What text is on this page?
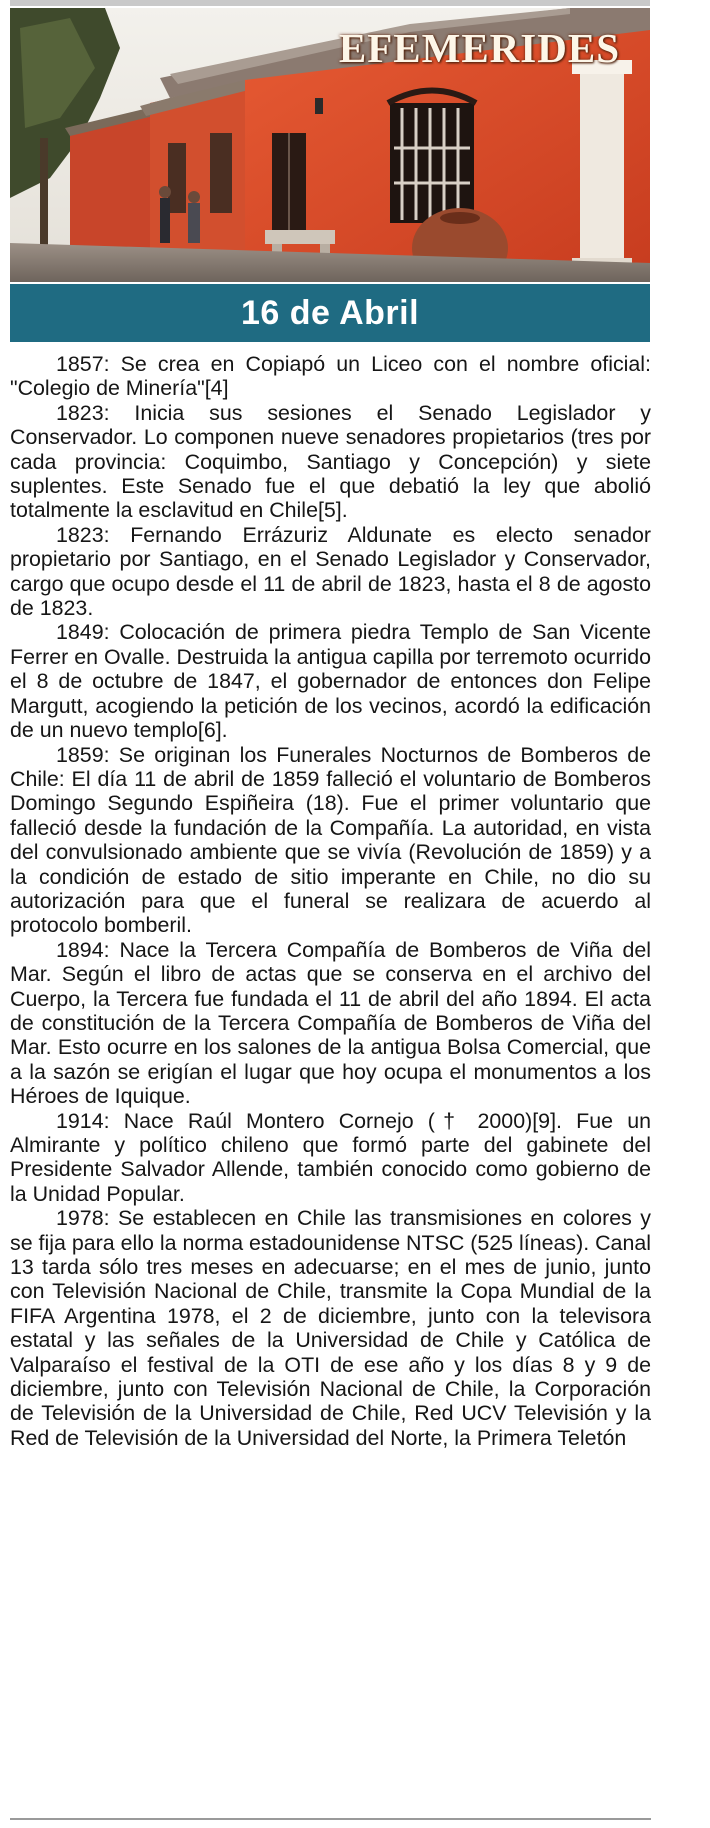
EFEMERIDES
16 de Abril

1857: Se crea en Copiapó un Liceo con el nombre oficial: "Colegio de Minería"[4]

1823: Inicia sus sesiones el Senado Legislador y Conservador. Lo componen nueve senadores propietarios (tres por cada provincia: Coquimbo, Santiago y Concepción) y siete suplentes. Este Senado fue el que debatió la ley que abolió totalmente la esclavitud en Chile[5].

1823: Fernando Errázuriz Aldunate es electo senador propietario por Santiago, en el Senado Legislador y Conservador, cargo que ocupo desde el 11 de abril de 1823, hasta el 8 de agosto de 1823.

1849: Colocación de primera piedra Templo de San Vicente Ferrer en Ovalle. Destruida la antigua capilla por terremoto ocurrido el 8 de octubre de 1847, el gobernador de entonces don Felipe Margutt, acogiendo la petición de los vecinos, acordó la edificación de un nuevo templo[6].

1859: Se originan los Funerales Nocturnos de Bomberos de Chile: El día 11 de abril de 1859 falleció el voluntario de Bomberos Domingo Segundo Espiñeira (18). Fue el primer voluntario que falleció desde la fundación de la Compañía. La autoridad, en vista del convulsionado ambiente que se vivía (Revolución de 1859) y a la condición de estado de sitio imperante en Chile, no dio su autorización para que el funeral se realizara de acuerdo al protocolo bomberil.

1894: Nace la Tercera Compañía de Bomberos de Viña del Mar. Según el libro de actas que se conserva en el archivo del Cuerpo, la Tercera fue fundada el 11 de abril del año 1894. El acta de constitución de la Tercera Compañía de Bomberos de Viña del Mar. Esto ocurre en los salones de la antigua Bolsa Comercial, que a la sazón se erigían el lugar que hoy ocupa el monumentos a los Héroes de Iquique.

1914: Nace Raúl Montero Cornejo († 2000)[9]. Fue un Almirante y político chileno que formó parte del gabinete del Presidente Salvador Allende, también conocido como gobierno de la Unidad Popular.

1978: Se establecen en Chile las transmisiones en colores y se fija para ello la norma estadounidense NTSC (525 líneas). Canal 13 tarda sólo tres meses en adecuarse; en el mes de junio, junto con Televisión Nacional de Chile, transmite la Copa Mundial de la FIFA Argentina 1978, el 2 de diciembre, junto con la televisora estatal y las señales de la Universidad de Chile y Católica de Valparaíso el festival de la OTI de ese año y los días 8 y 9 de diciembre, junto con Televisión Nacional de Chile, la Corporación de Televisión de la Universidad de Chile, Red UCV Televisión y la Red de Televisión de la Universidad del Norte, la Primera Teletón
